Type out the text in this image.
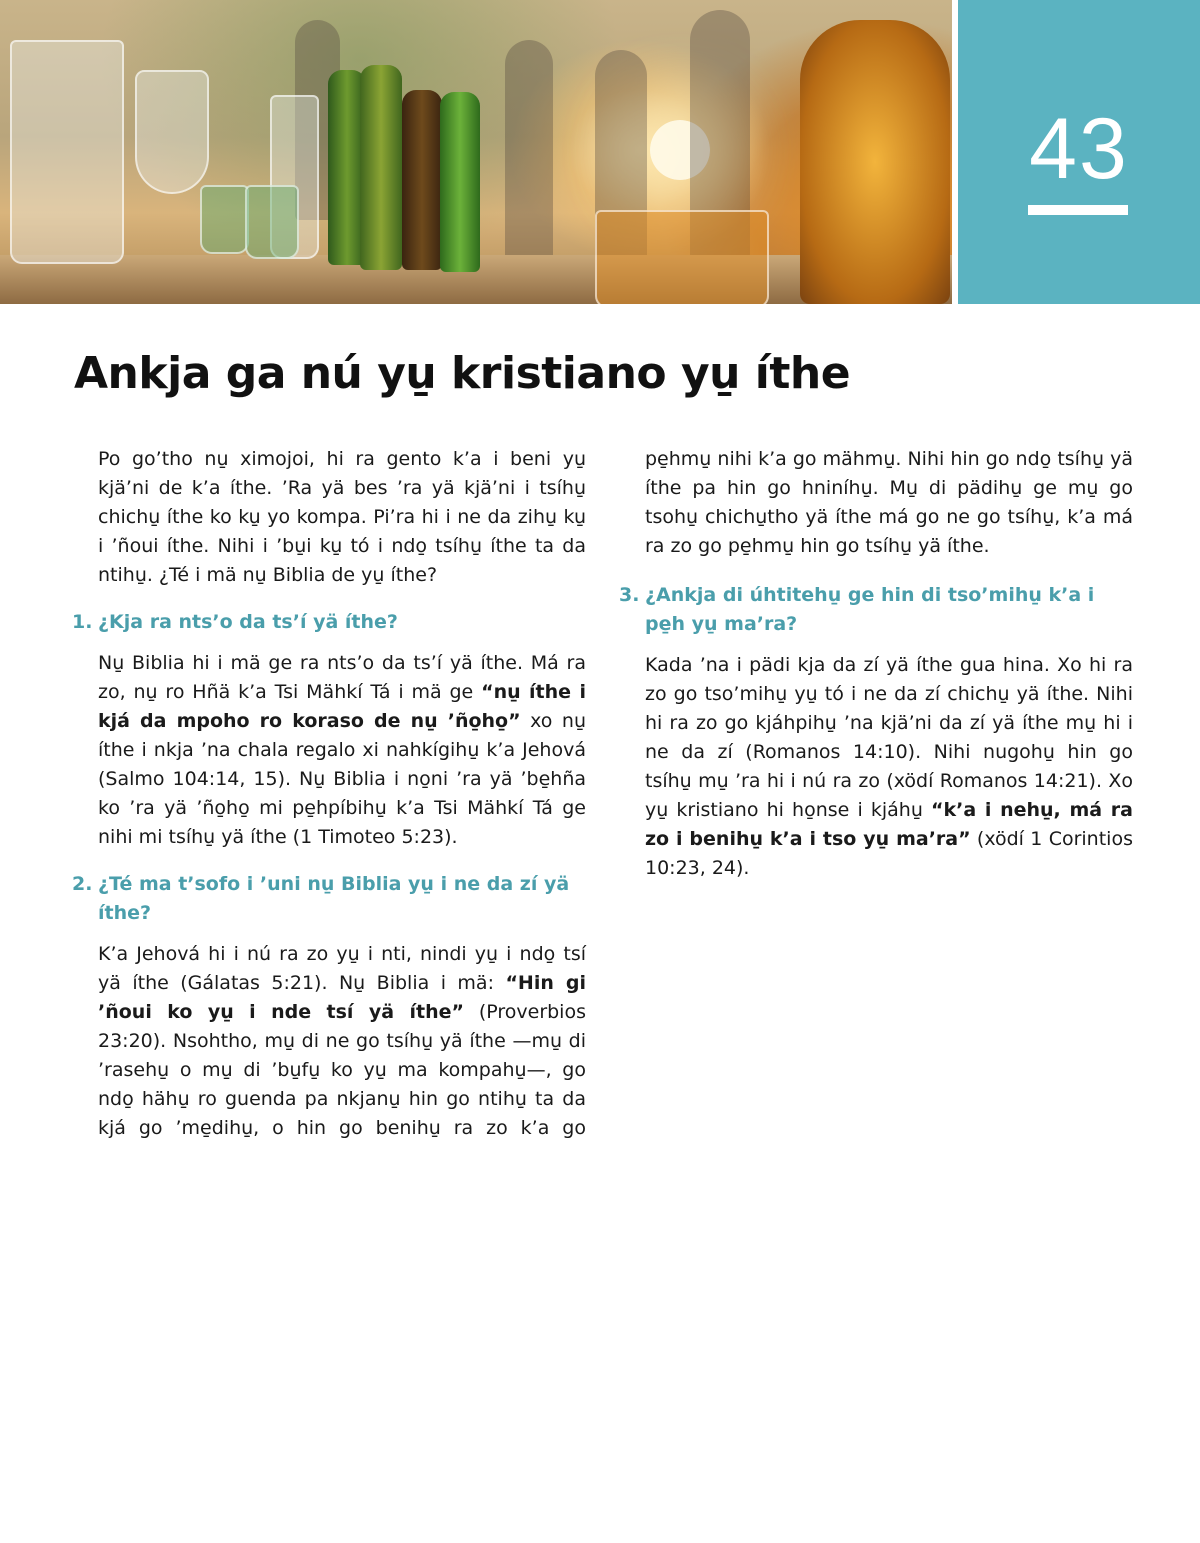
43
Ankja ga nú yu̱ kristiano yu̱ íthe

Po go’tho nu̱ ximojoi, hi ra gento k’a i beni yu̱ kjä’ni de k’a íthe. ’Ra yä bes ’ra yä kjä’ni i tsíhu̱ chichu̱ íthe ko ku̱ yo kompa. Pi’ra hi i ne da zihu̱ ku̱ i ’ñoui íthe. Nihi i ’bu̱i ku̱ tó i ndo̱ tsíhu̱ íthe ta da ntihu̱. ¿Té i mä nu̱ Biblia de yu̱ íthe?

1. ¿Kja ra nts’o da ts’í yä íthe?

Nu̱ Biblia hi i mä ge ra nts’o da ts’í yä íthe. Má ra zo, nu̱ ro Hñä k’a Tsi Mähkí Tá i mä ge “nu̱ íthe i kjá da mpoho ro koraso de nu̱ ’ño̱ho̱” xo nu̱ íthe i nkja ’na chala regalo xi nahkígihu̱ k’a Jehová (Salmo 104:14, 15). Nu̱ Biblia i no̱ni ’ra yä ’be̱hña ko ’ra yä ’ño̱ho̱ mi pe̱hpíbihu̱ k’a Tsi Mähkí Tá ge nihi mi tsíhu̱ yä íthe (1 Timoteo 5:23).

2. ¿Té ma t’sofo i ’uni nu̱ Biblia yu̱ i ne da zí yä íthe?

K’a Jehová hi i nú ra zo yu̱ i nti, nindi yu̱ i ndo̱ tsí yä íthe (Gálatas 5:21). Nu̱ Biblia i mä: “Hin gi ’ñoui ko yu̱ i nde tsí yä íthe” (Proverbios 23:20). Nsohtho, mu̱ di ne go tsíhu̱ yä íthe —mu̱ di ’rasehu̱ o mu̱ di ’bu̱fu̱ ko yu̱ ma kompahu̱—, go ndo̱ hähu̱ ro guenda pa nkjanu̱ hin go ntihu̱ ta da kjá go ’me̱dihu̱, o hin go benihu̱ ra zo k’a go

pe̱hmu̱ nihi k’a go mähmu̱. Nihi hin go ndo̱ tsíhu̱ yä íthe pa hin go hniníhu̱. Mu̱ di pädihu̱ ge mu̱ go tsohu̱ chichu̱tho yä íthe má go ne go tsíhu̱, k’a má ra zo go pe̱hmu̱ hin go tsíhu̱ yä íthe.

3. ¿Ankja di úhtitehu̱ ge hin di tso’mihu̱ k’a i pe̱h yu̱ ma’ra?

Kada ’na i pädi kja da zí yä íthe gua hina. Xo hi ra zo go tso’mihu̱ yu̱ tó i ne da zí chichu̱ yä íthe. Nihi hi ra zo go kjáhpihu̱ ’na kjä’ni da zí yä íthe mu̱ hi i ne da zí (Romanos 14:10). Nihi nugohu̱ hin go tsíhu̱ mu̱ ’ra hi i nú ra zo (xödí Romanos 14:21). Xo yu̱ kristiano hi ho̱nse i kjáhu̱ “k’a i nehu̱, má ra zo i benihu̱ k’a i tso yu̱ ma’ra” (xödí 1 Corintios 10:23, 24).
